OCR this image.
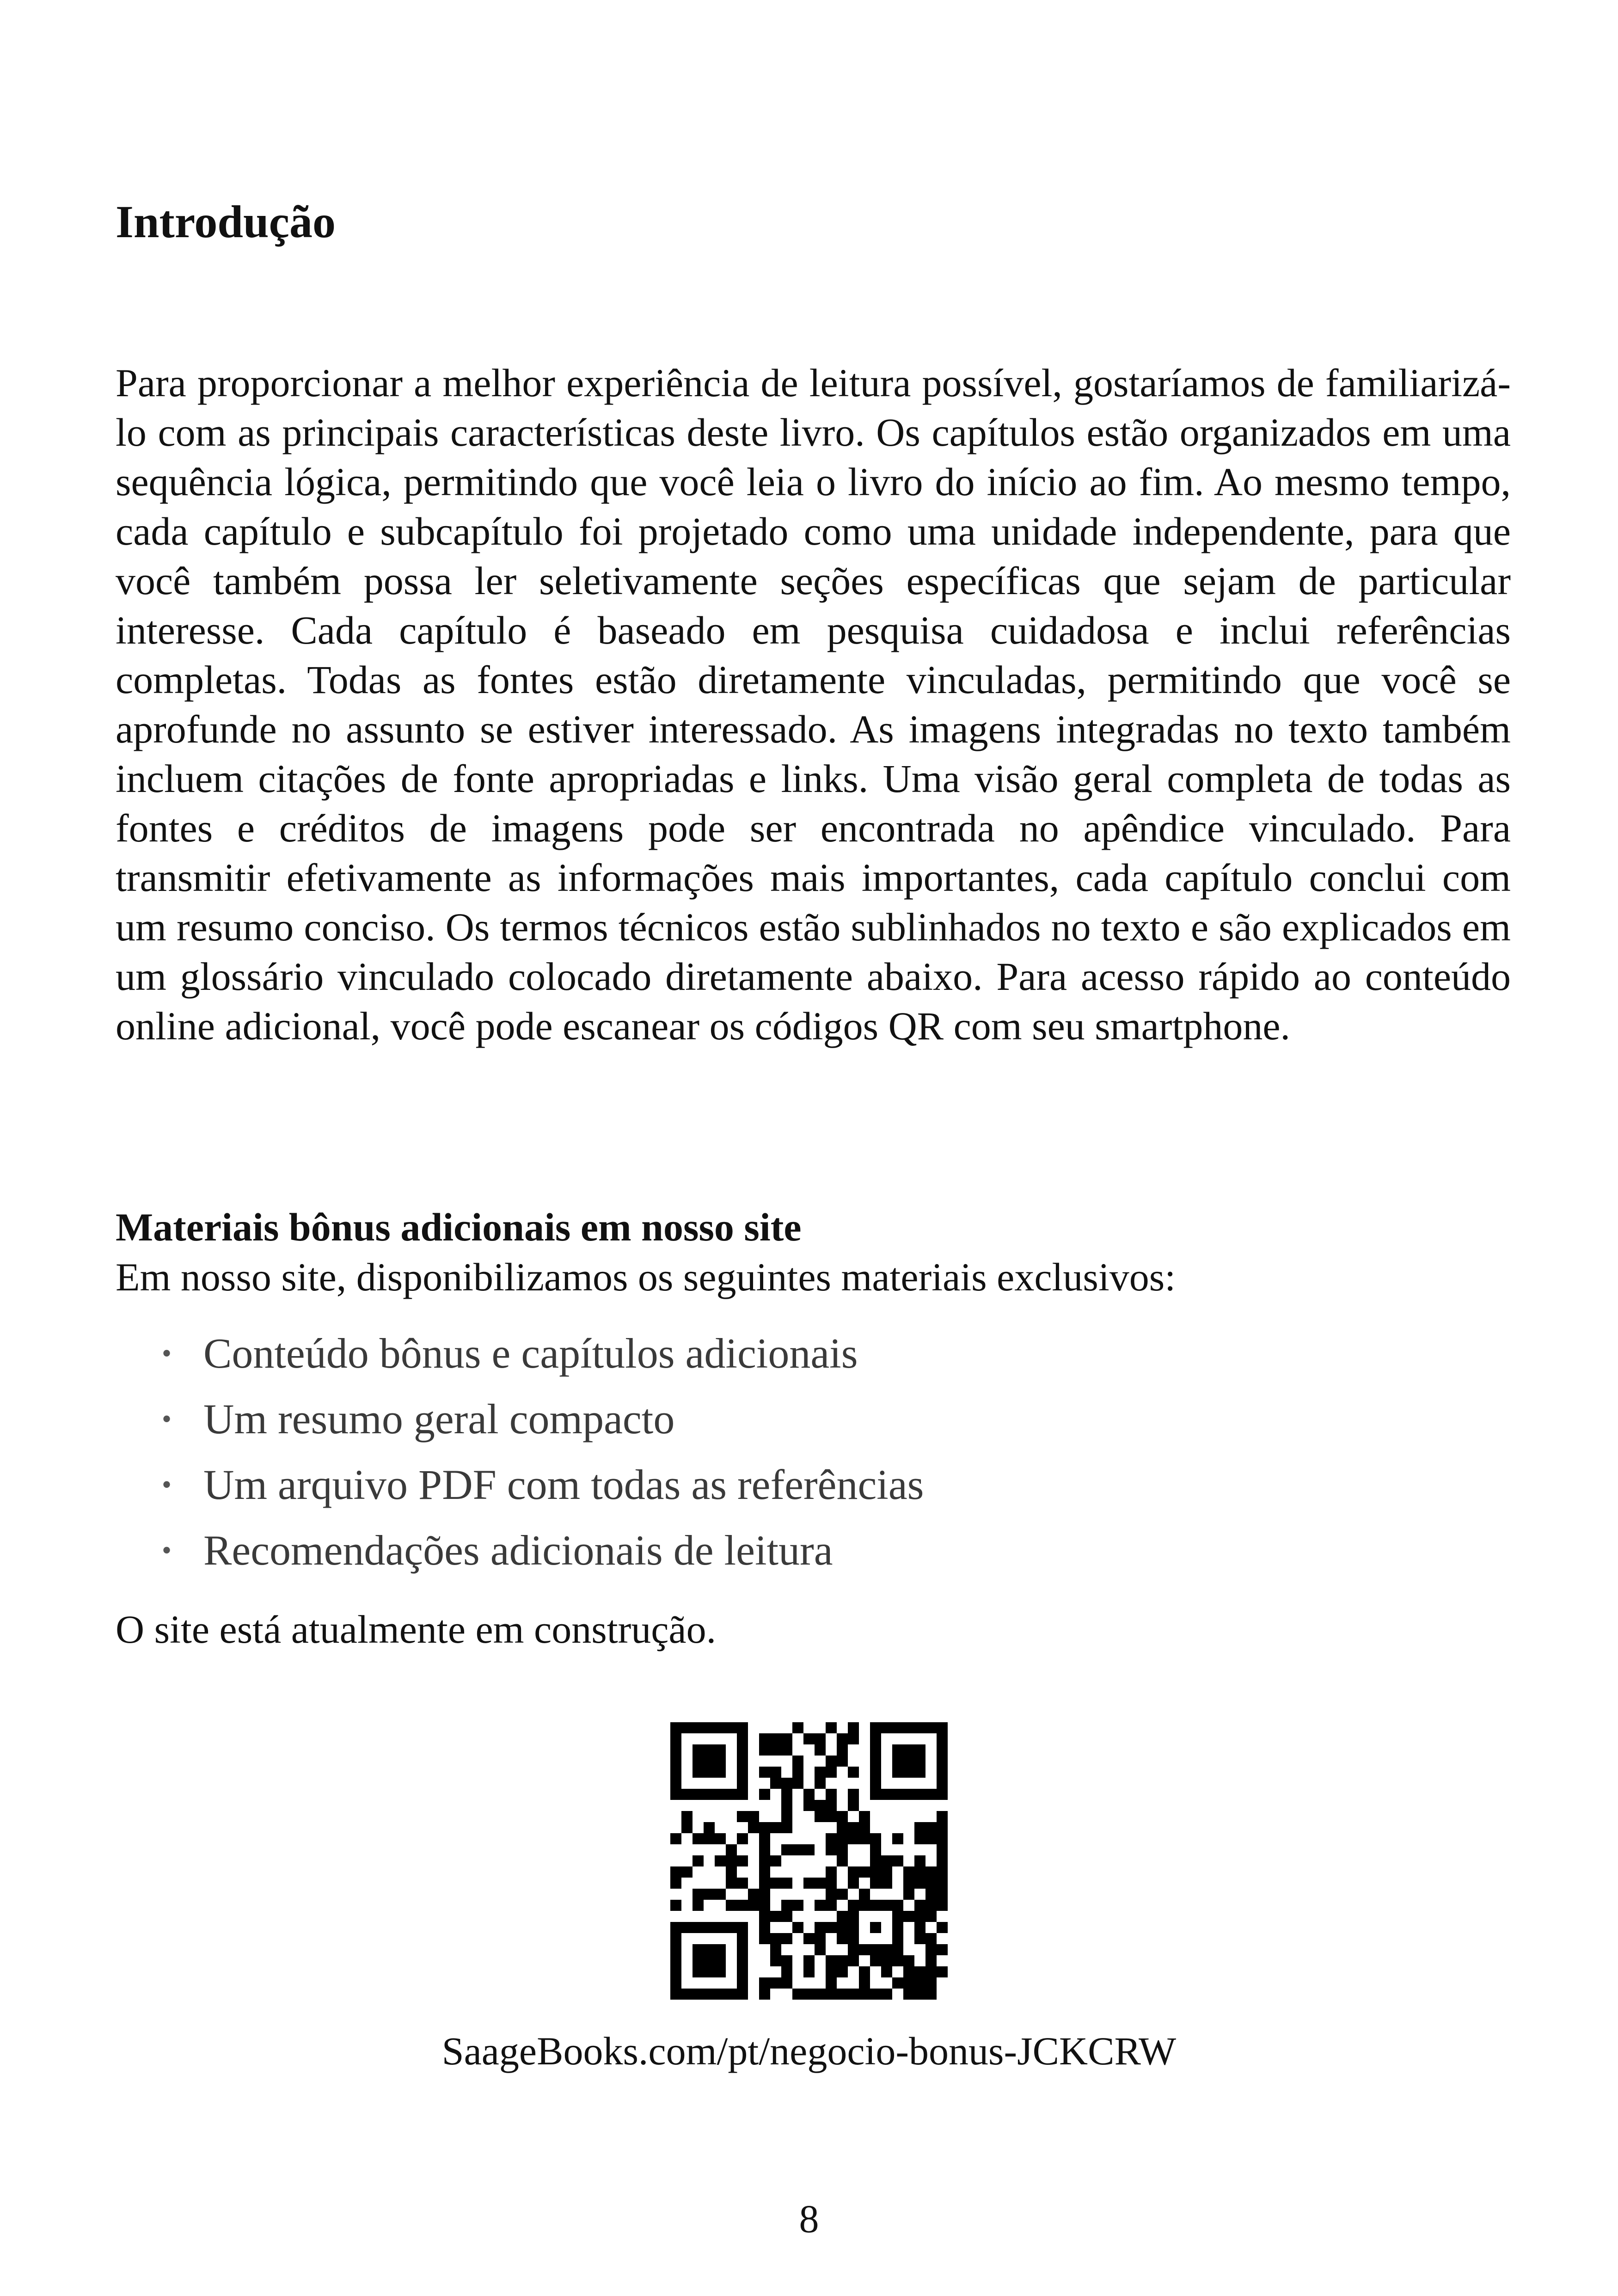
Introdução

Para proporcionar a melhor experiência de leitura possível, gostaríamos de familiarizá-lo com as principais características deste livro. Os capítulos estão organizados em uma sequência lógica, permitindo que você leia o livro do início ao fim. Ao mesmo tempo, cada capítulo e subcapítulo foi projetado como uma unidade independente, para que você também possa ler seletivamente seções específicas que sejam de particular interesse. Cada capítulo é baseado em pesquisa cuidadosa e inclui referências completas. Todas as fontes estão diretamente vinculadas, permitindo que você se aprofunde no assunto se estiver interessado. As imagens integradas no texto também incluem citações de fonte apropriadas e links. Uma visão geral completa de todas as fontes e créditos de imagens pode ser encontrada no apêndice vinculado. Para transmitir efetivamente as informações mais importantes, cada capítulo conclui com um resumo conciso. Os termos técnicos estão sublinhados no texto e são explicados em um glossário vinculado colocado diretamente abaixo. Para acesso rápido ao conteúdo online adicional, você pode escanear os códigos QR com seu smartphone.

Materiais bônus adicionais em nosso site

Em nosso site, disponibilizamos os seguintes materiais exclusivos:

• Conteúdo bônus e capítulos adicionais
• Um resumo geral compacto
• Um arquivo PDF com todas as referências
• Recomendações adicionais de leitura

O site está atualmente em construção.

SaageBooks.com/pt/negocio-bonus-JCKCRW

8
